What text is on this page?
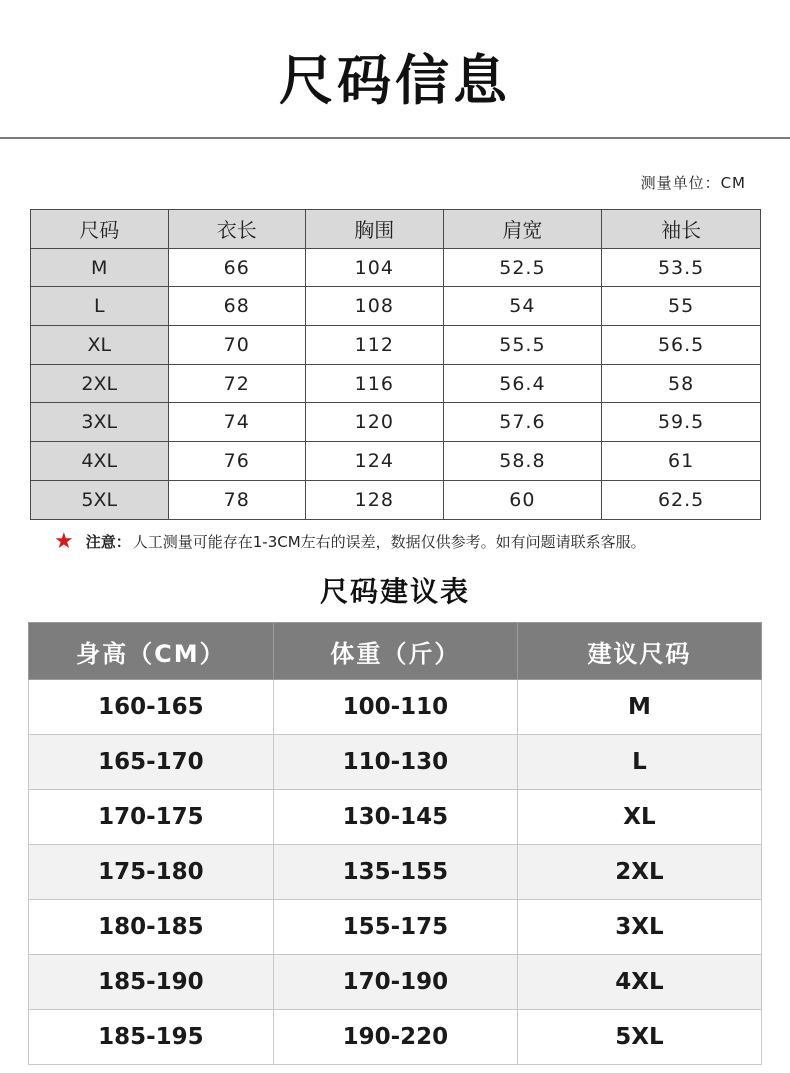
尺码信息
测量单位：CM
尺码	衣长	胸围	肩宽	袖长
M	66	104	52.5	53.5
L	68	108	54	55
XL	70	112	55.5	56.5
2XL	72	116	56.4	58
3XL	74	120	57.6	59.5
4XL	76	124	58.8	61
5XL	78	128	60	62.5
★ 注意： 人工测量可能存在1-3CM左右的误差，数据仅供参考。如有问题请联系客服。
尺码建议表
身高（CM）	体重（斤）	建议尺码
160-165	100-110	M
165-170	110-130	L
170-175	130-145	XL
175-180	135-155	2XL
180-185	155-175	3XL
185-190	170-190	4XL
185-195	190-220	5XL
